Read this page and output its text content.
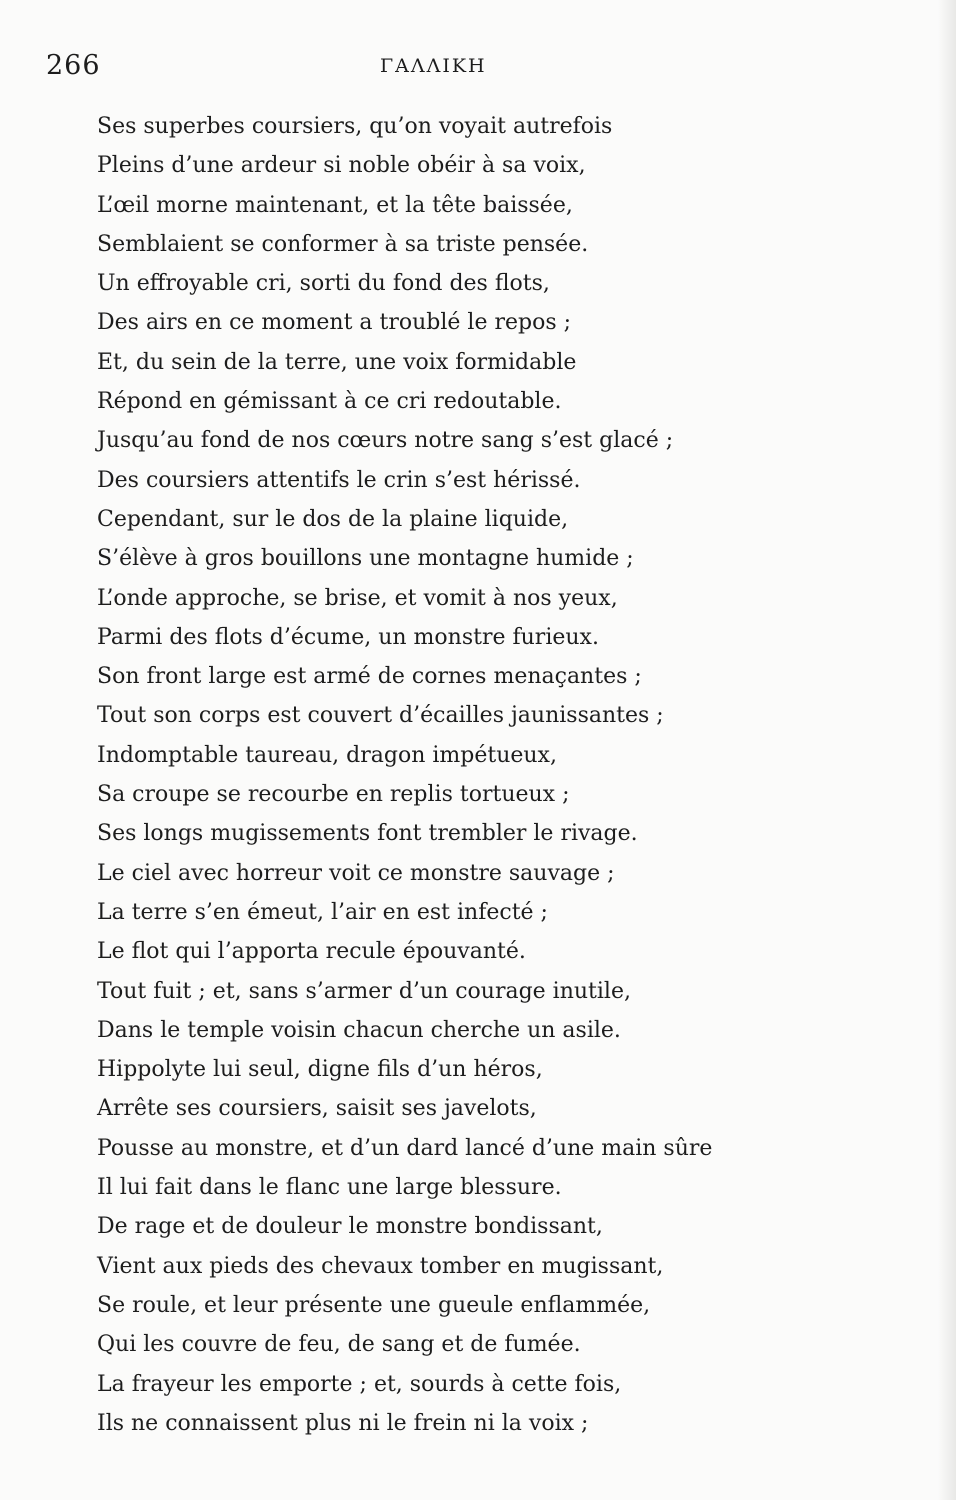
266	ΓΑΛΛΙΚΗ
Ses superbes coursiers, qu’on voyait autrefois
Pleins d’une ardeur si noble obéir à sa voix,
L’œil morne maintenant, et la tête baissée,
Semblaient se conformer à sa triste pensée.
Un effroyable cri, sorti du fond des flots,
Des airs en ce moment a troublé le repos ;
Et, du sein de la terre, une voix formidable
Répond en gémissant à ce cri redoutable.
Jusqu’au fond de nos cœurs notre sang s’est glacé ;
Des coursiers attentifs le crin s’est hérissé.
Cependant, sur le dos de la plaine liquide,
S’élève à gros bouillons une montagne humide ;
L’onde approche, se brise, et vomit à nos yeux,
Parmi des flots d’écume, un monstre furieux.
Son front large est armé de cornes menaçantes ;
Tout son corps est couvert d’écailles jaunissantes ;
Indomptable taureau, dragon impétueux,
Sa croupe se recourbe en replis tortueux ;
Ses longs mugissements font trembler le rivage.
Le ciel avec horreur voit ce monstre sauvage ;
La terre s’en émeut, l’air en est infecté ;
Le flot qui l’apporta recule épouvanté.
Tout fuit ; et, sans s’armer d’un courage inutile,
Dans le temple voisin chacun cherche un asile.
Hippolyte lui seul, digne fils d’un héros,
Arrête ses coursiers, saisit ses javelots,
Pousse au monstre, et d’un dard lancé d’une main sûre
Il lui fait dans le flanc une large blessure.
De rage et de douleur le monstre bondissant,
Vient aux pieds des chevaux tomber en mugissant,
Se roule, et leur présente une gueule enflammée,
Qui les couvre de feu, de sang et de fumée.
La frayeur les emporte ; et, sourds à cette fois,
Ils ne connaissent plus ni le frein ni la voix ;
